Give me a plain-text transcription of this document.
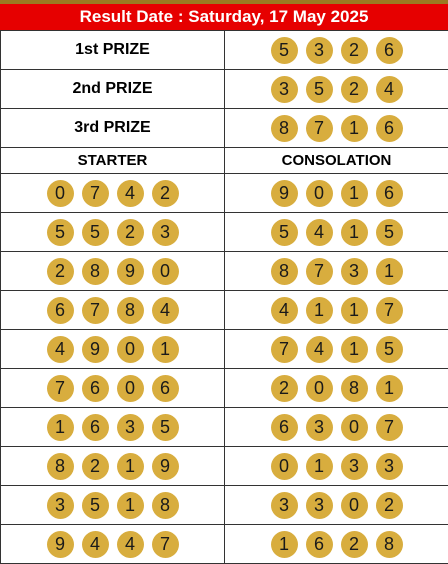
Result Date : Saturday, 17 May 2025
1st PRIZE	5 3 2 6

2nd PRIZE	3 5 2 4

3rd PRIZE	8 7 1 6

STARTER	CONSOLATION

0 7 4 2	9 0 1 6

5 5 2 3	5 4 1 5

2 8 9 0	8 7 3 1

6 7 8 4	4 1 1 7

4 9 0 1	7 4 1 5

7 6 0 6	2 0 8 1

1 6 3 5	6 3 0 7

8 2 1 9	0 1 3 3

3 5 1 8	3 3 0 2

9 4 4 7	1 6 2 8
